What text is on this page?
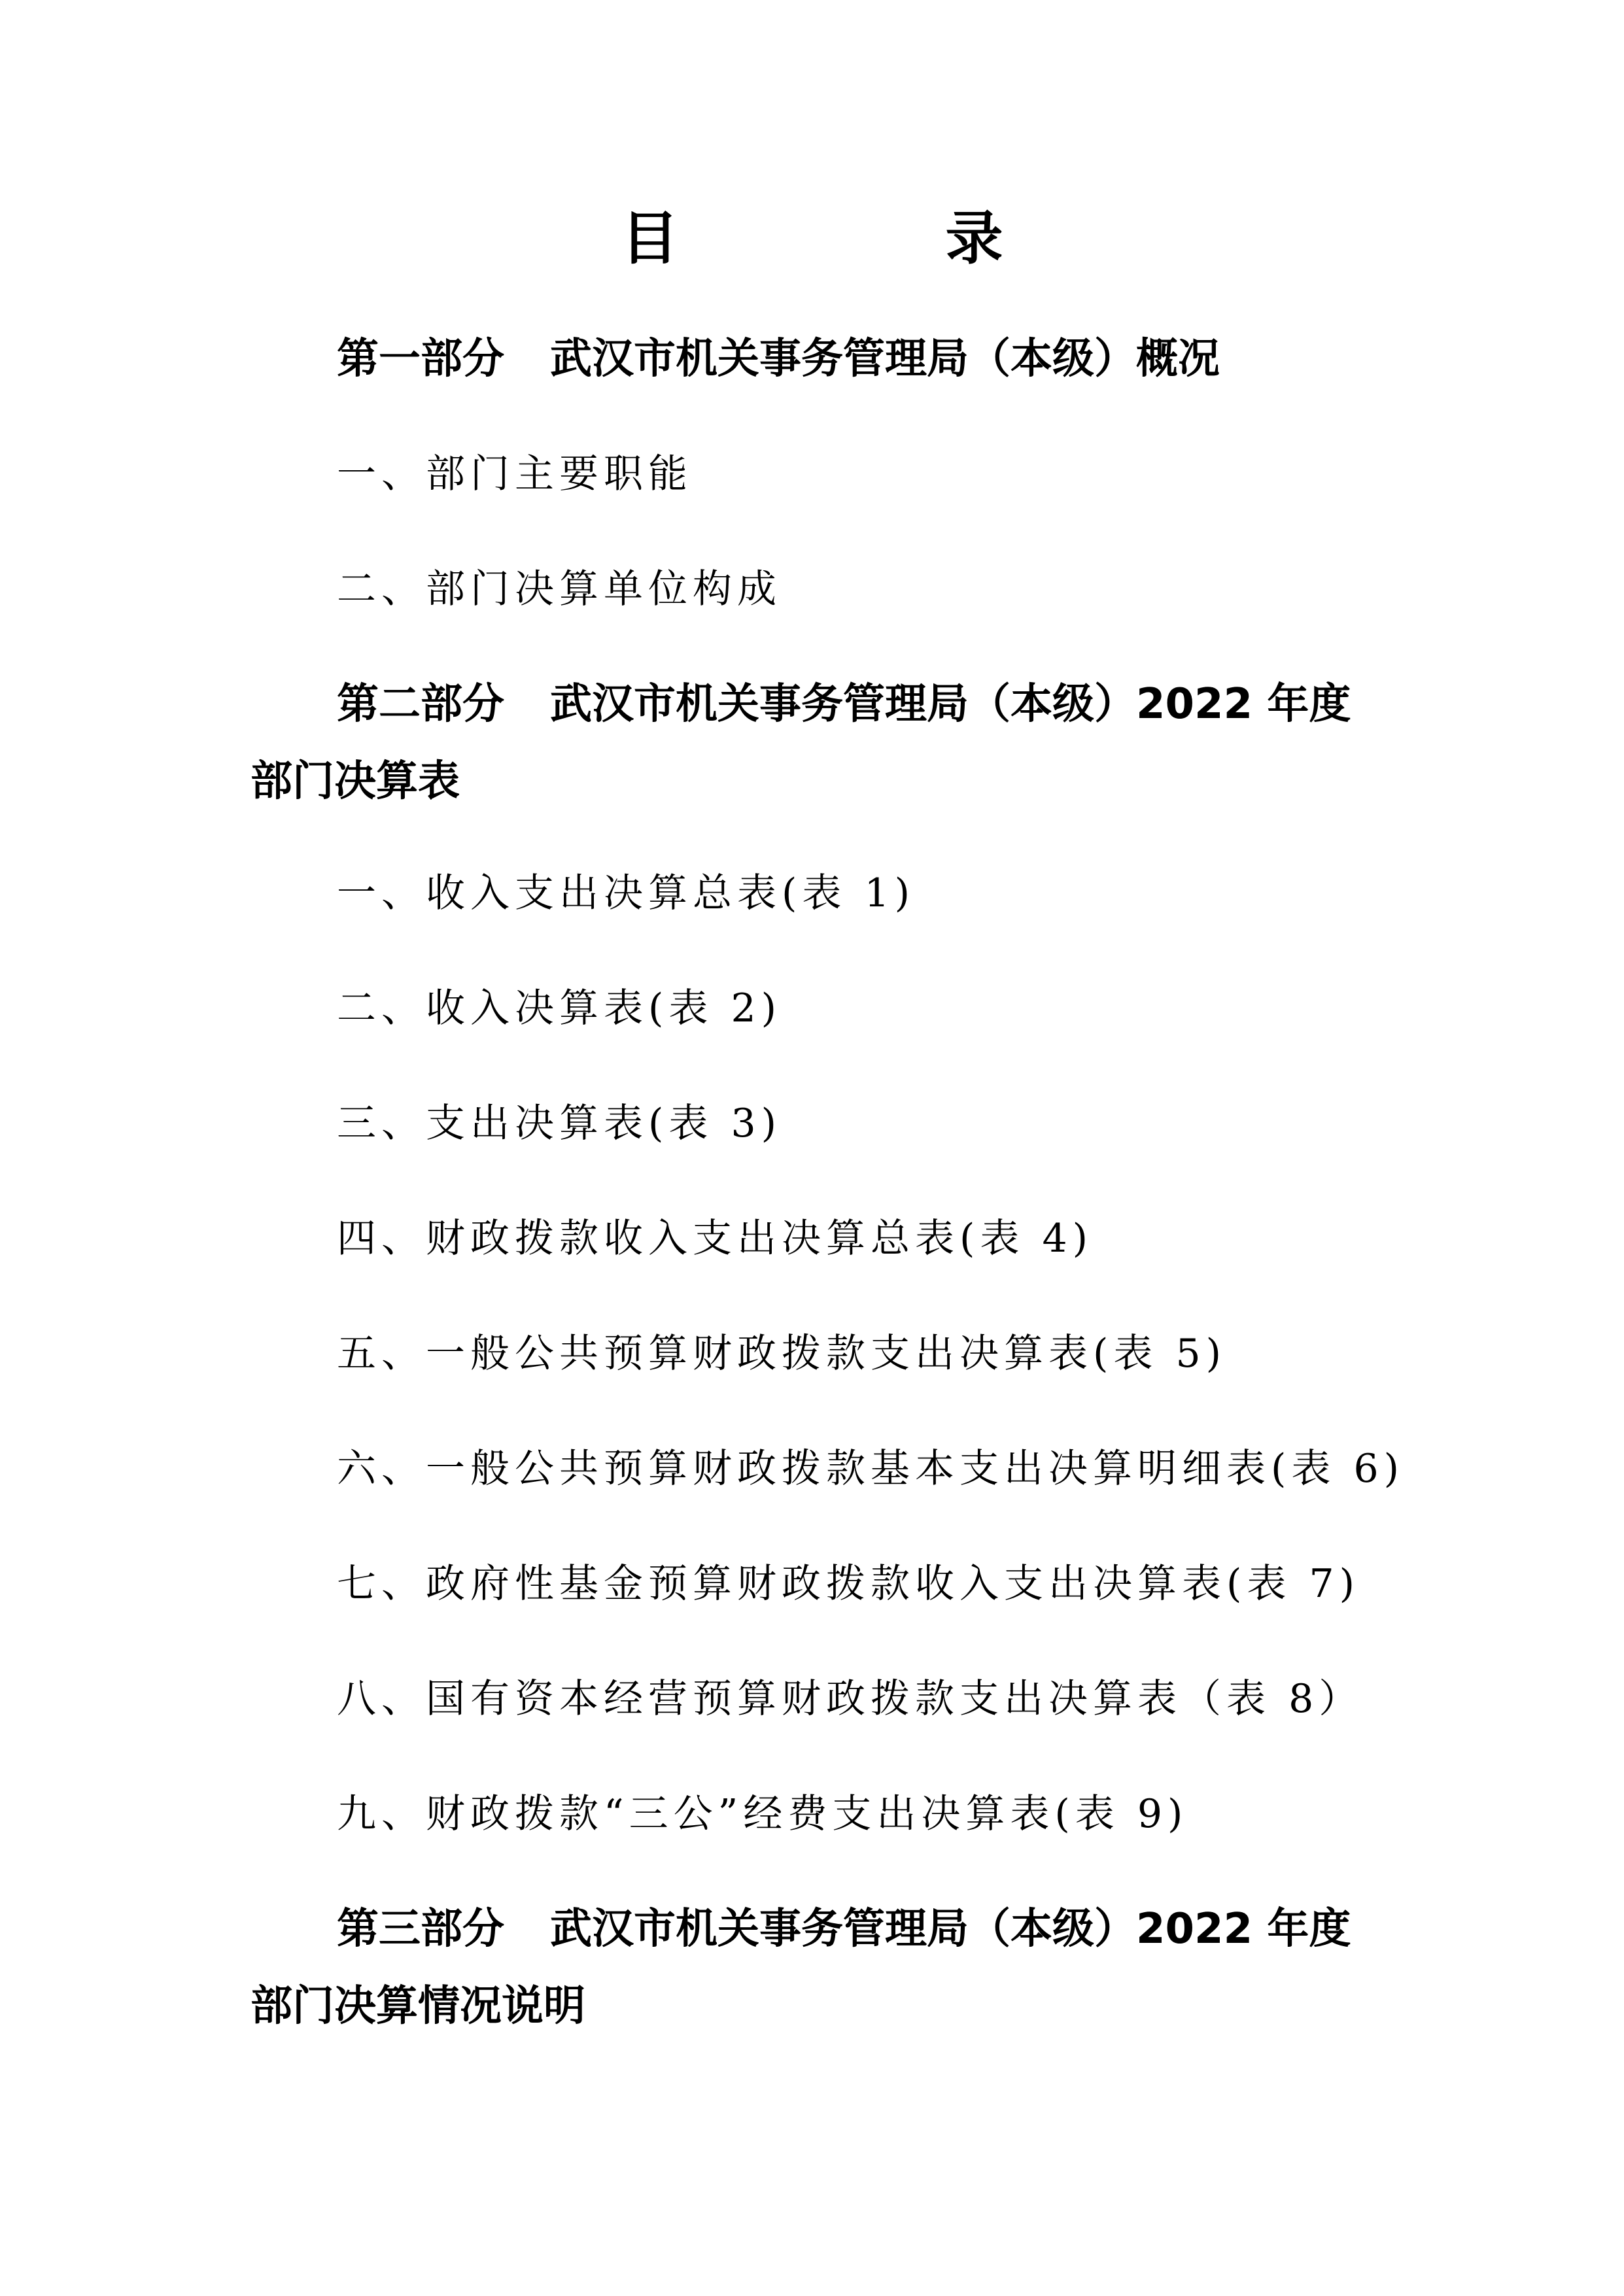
目　录
第一部分 武汉市机关事务管理局（本级）概况
一、部门主要职能
二、部门决算单位构成
第二部分 武汉市机关事务管理局（本级）2022 年度
部门决算表
一、收入支出决算总表(表 1)
二、收入决算表(表 2)
三、支出决算表(表 3)
四、财政拨款收入支出决算总表(表 4)
五、一般公共预算财政拨款支出决算表(表 5)
六、一般公共预算财政拨款基本支出决算明细表(表 6)
七、政府性基金预算财政拨款收入支出决算表(表 7)
八、国有资本经营预算财政拨款支出决算表（表 8）
九、财政拨款“三公”经费支出决算表(表 9)
第三部分 武汉市机关事务管理局（本级）2022 年度
部门决算情况说明
